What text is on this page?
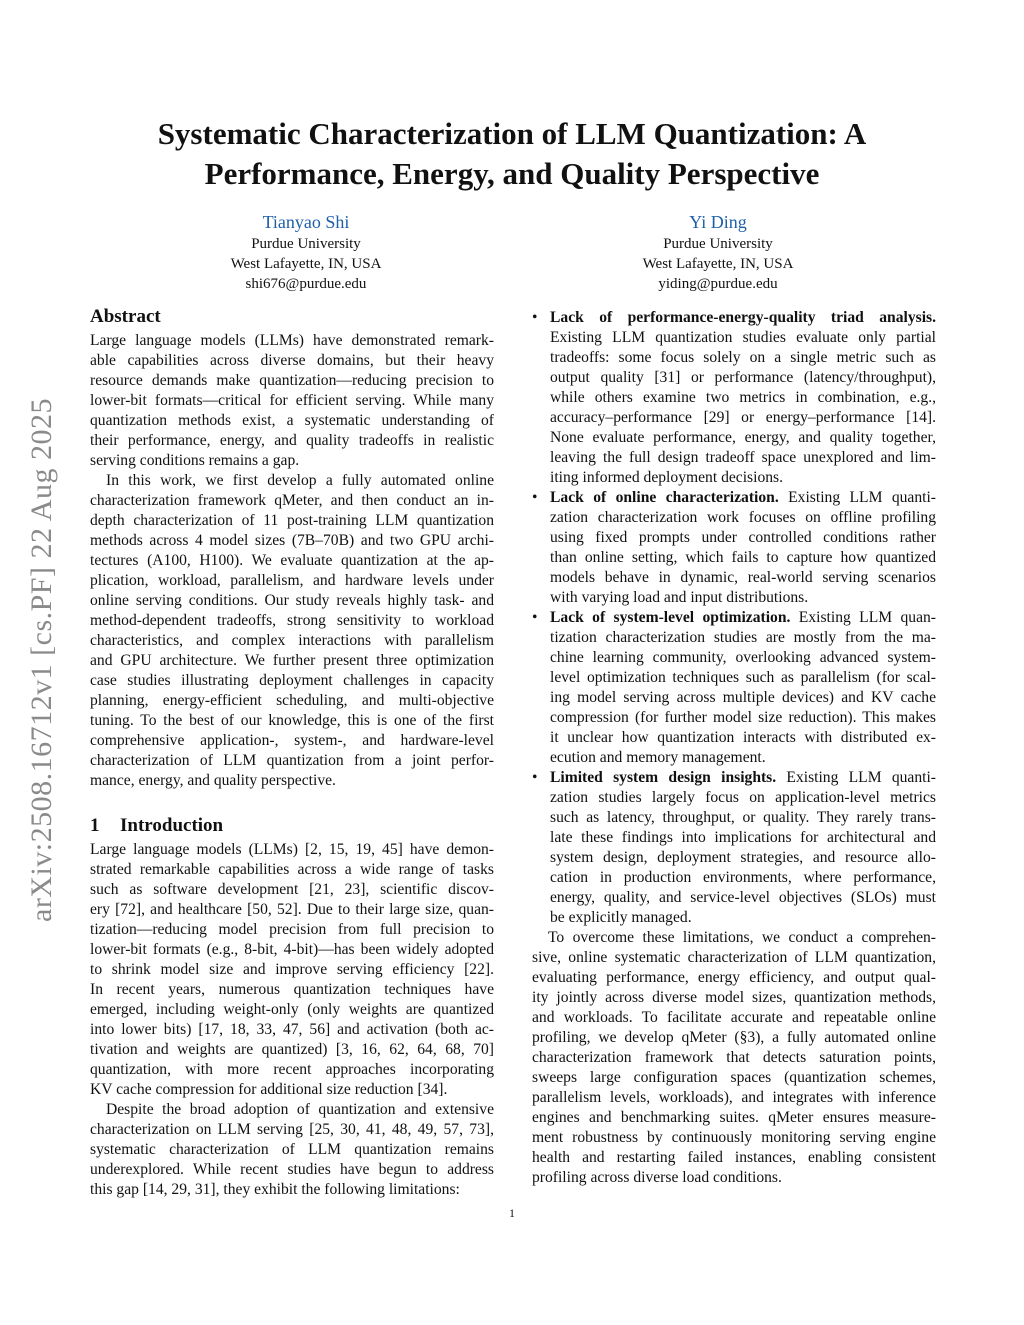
arXiv:2508.16712v1 [cs.PF] 22 Aug 2025
Systematic Characterization of LLM Quantization: A
Performance, Energy, and Quality Perspective
Tianyao Shi
Purdue University
West Lafayette, IN, USA
shi676@purdue.edu
Yi Ding
Purdue University
West Lafayette, IN, USA
yiding@purdue.edu
Abstract
Large language models (LLMs) have demonstrated remark-
able capabilities across diverse domains, but their heavy
resource demands make quantization—reducing precision to
lower-bit formats—critical for efficient serving. While many
quantization methods exist, a systematic understanding of
their performance, energy, and quality tradeoffs in realistic
serving conditions remains a gap.
In this work, we first develop a fully automated online
characterization framework qMeter, and then conduct an in-
depth characterization of 11 post-training LLM quantization
methods across 4 model sizes (7B–70B) and two GPU archi-
tectures (A100, H100). We evaluate quantization at the ap-
plication, workload, parallelism, and hardware levels under
online serving conditions. Our study reveals highly task- and
method-dependent tradeoffs, strong sensitivity to workload
characteristics, and complex interactions with parallelism
and GPU architecture. We further present three optimization
case studies illustrating deployment challenges in capacity
planning, energy-efficient scheduling, and multi-objective
tuning. To the best of our knowledge, this is one of the first
comprehensive application-, system-, and hardware-level
characterization of LLM quantization from a joint perfor-
mance, energy, and quality perspective.
1 Introduction
Large language models (LLMs) [2, 15, 19, 45] have demon-
strated remarkable capabilities across a wide range of tasks
such as software development [21, 23], scientific discov-
ery [72], and healthcare [50, 52]. Due to their large size, quan-
tization—reducing model precision from full precision to
lower-bit formats (e.g., 8-bit, 4-bit)—has been widely adopted
to shrink model size and improve serving efficiency [22].
In recent years, numerous quantization techniques have
emerged, including weight-only (only weights are quantized
into lower bits) [17, 18, 33, 47, 56] and activation (both ac-
tivation and weights are quantized) [3, 16, 62, 64, 68, 70]
quantization, with more recent approaches incorporating
KV cache compression for additional size reduction [34].
Despite the broad adoption of quantization and extensive
characterization on LLM serving [25, 30, 41, 48, 49, 57, 73],
systematic characterization of LLM quantization remains
underexplored. While recent studies have begun to address
this gap [14, 29, 31], they exhibit the following limitations:
• Lack of performance-energy-quality triad analysis.
Existing LLM quantization studies evaluate only partial
tradeoffs: some focus solely on a single metric such as
output quality [31] or performance (latency/throughput),
while others examine two metrics in combination, e.g.,
accuracy–performance [29] or energy–performance [14].
None evaluate performance, energy, and quality together,
leaving the full design tradeoff space unexplored and lim-
iting informed deployment decisions.
• Lack of online characterization. Existing LLM quanti-
zation characterization work focuses on offline profiling
using fixed prompts under controlled conditions rather
than online setting, which fails to capture how quantized
models behave in dynamic, real-world serving scenarios
with varying load and input distributions.
• Lack of system-level optimization. Existing LLM quan-
tization characterization studies are mostly from the ma-
chine learning community, overlooking advanced system-
level optimization techniques such as parallelism (for scal-
ing model serving across multiple devices) and KV cache
compression (for further model size reduction). This makes
it unclear how quantization interacts with distributed ex-
ecution and memory management.
• Limited system design insights. Existing LLM quanti-
zation studies largely focus on application-level metrics
such as latency, throughput, or quality. They rarely trans-
late these findings into implications for architectural and
system design, deployment strategies, and resource allo-
cation in production environments, where performance,
energy, quality, and service-level objectives (SLOs) must
be explicitly managed.
To overcome these limitations, we conduct a comprehen-
sive, online systematic characterization of LLM quantization,
evaluating performance, energy efficiency, and output qual-
ity jointly across diverse model sizes, quantization methods,
and workloads. To facilitate accurate and repeatable online
profiling, we develop qMeter (§3), a fully automated online
characterization framework that detects saturation points,
sweeps large configuration spaces (quantization schemes,
parallelism levels, workloads), and integrates with inference
engines and benchmarking suites. qMeter ensures measure-
ment robustness by continuously monitoring serving engine
health and restarting failed instances, enabling consistent
profiling across diverse load conditions.
1
